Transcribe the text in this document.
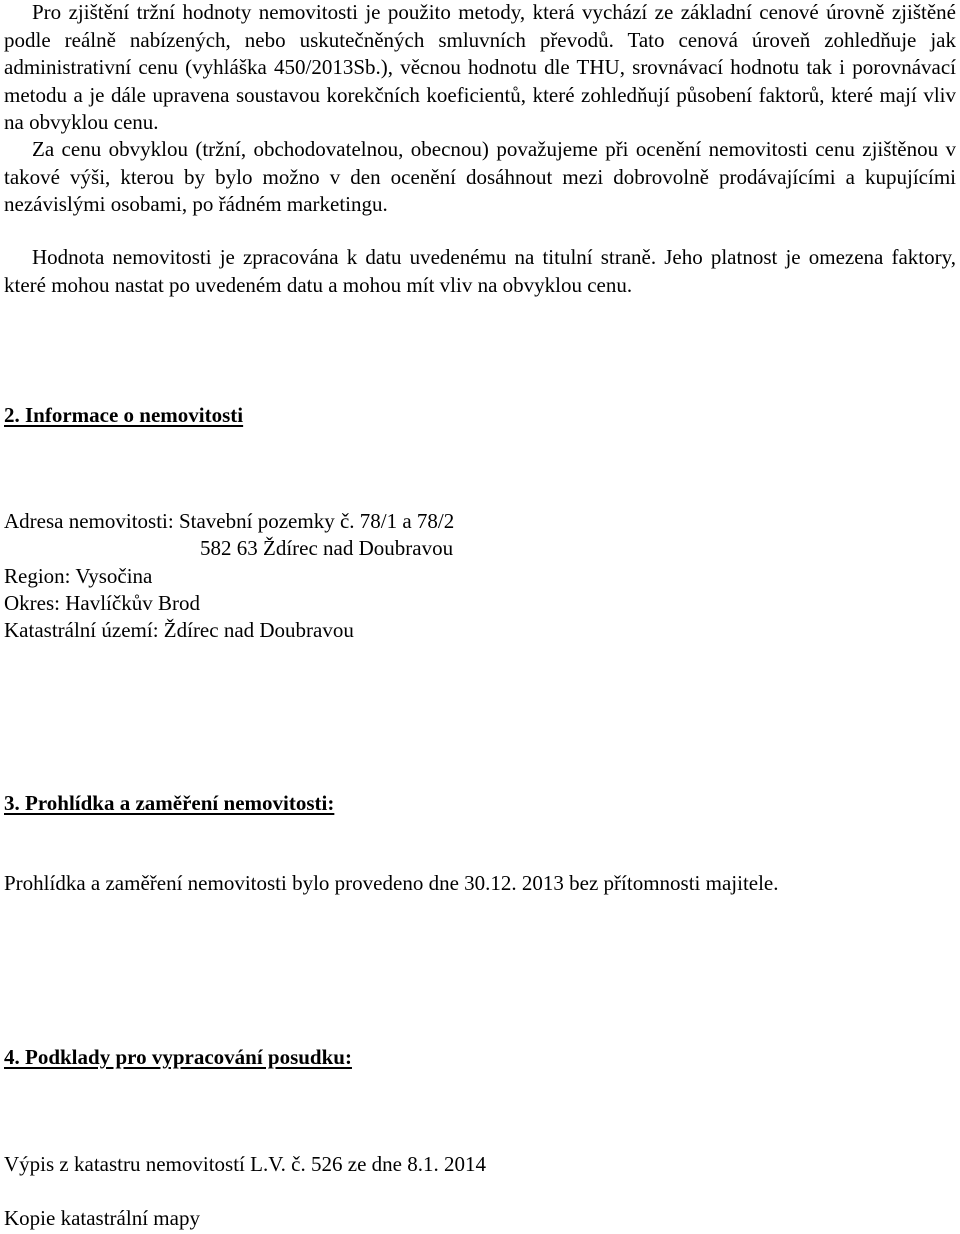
Pro zjištění tržní hodnoty nemovitosti je použito metody, která vychází ze základní cenové úrovně zjištěné podle reálně nabízených, nebo uskutečněných smluvních převodů. Tato cenová úroveň zohledňuje jak administrativní cenu (vyhláška 450/2013Sb.), věcnou hodnotu dle THU, srovnávací hodnotu tak i porovnávací metodu a je dále upravena soustavou korekčních koeficientů, které zohledňují působení faktorů, které mají vliv na obvyklou cenu.
Za cenu obvyklou (tržní, obchodovatelnou, obecnou) považujeme při ocenění nemovitosti cenu zjištěnou v takové výši, kterou by bylo možno v den ocenění dosáhnout mezi dobrovolně prodávajícími a kupujícími nezávislými osobami, po řádném marketingu.
Hodnota nemovitosti je zpracována k datu uvedenému na titulní straně. Jeho platnost je omezena faktory, které mohou nastat po uvedeném datu a mohou mít vliv na obvyklou cenu.
2. Informace o nemovitosti
Adresa nemovitosti: Stavební pozemky č. 78/1 a 78/2
582 63 Ždírec nad Doubravou
Region: Vysočina
Okres: Havlíčkův Brod
Katastrální území: Ždírec nad Doubravou
3. Prohlídka a zaměření nemovitosti:
Prohlídka a zaměření nemovitosti bylo provedeno dne 30.12. 2013 bez přítomnosti majitele.
4. Podklady pro vypracování posudku:
Výpis z katastru nemovitostí L.V. č. 526 ze dne 8.1. 2014
Kopie katastrální mapy
